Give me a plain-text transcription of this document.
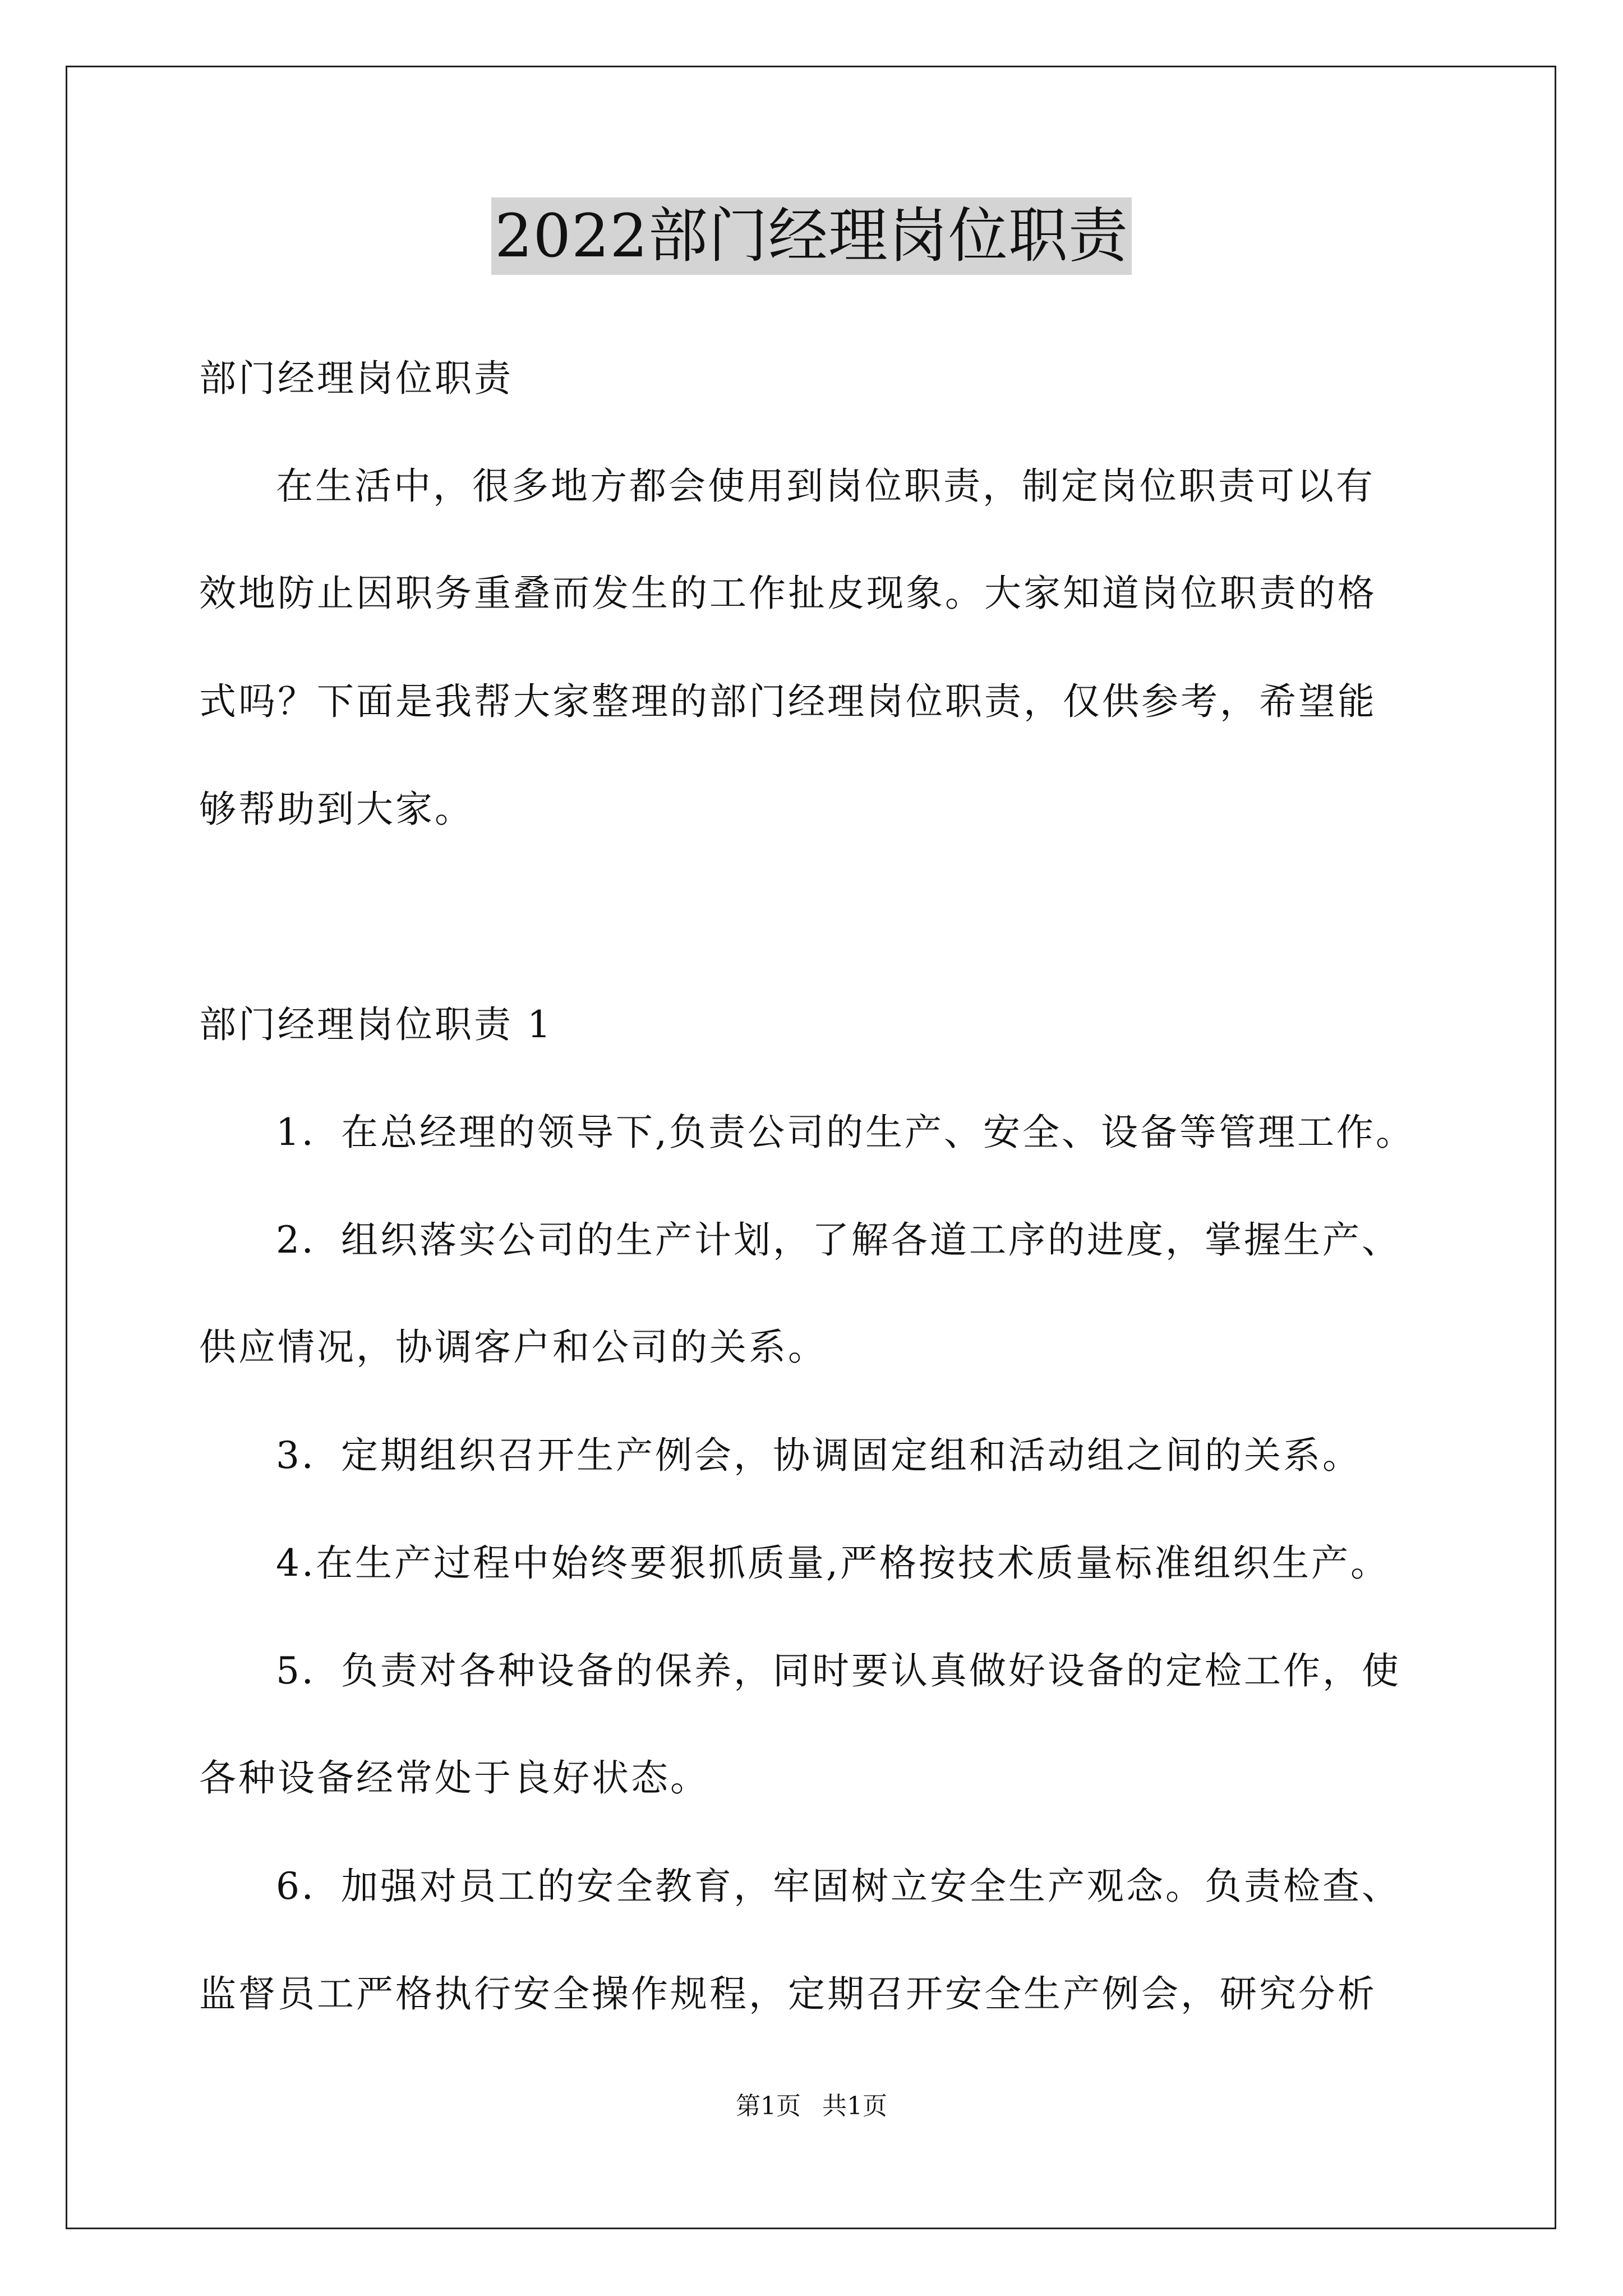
2022部门经理岗位职责
部门经理岗位职责
在生活中，很多地方都会使用到岗位职责，制定岗位职责可以有
效地防止因职务重叠而发生的工作扯皮现象。大家知道岗位职责的格
式吗？下面是我帮大家整理的部门经理岗位职责，仅供参考，希望能
够帮助到大家。
部门经理岗位职责 1
1．在总经理的领导下,负责公司的生产、安全、设备等管理工作。
2．组织落实公司的生产计划，了解各道工序的进度，掌握生产、
供应情况，协调客户和公司的关系。
3．定期组织召开生产例会，协调固定组和活动组之间的关系。
4.在生产过程中始终要狠抓质量,严格按技术质量标准组织生产。
5．负责对各种设备的保养，同时要认真做好设备的定检工作，使
各种设备经常处于良好状态。
6．加强对员工的安全教育，牢固树立安全生产观念。负责检查、
监督员工严格执行安全操作规程，定期召开安全生产例会，研究分析
第1页 共1页
